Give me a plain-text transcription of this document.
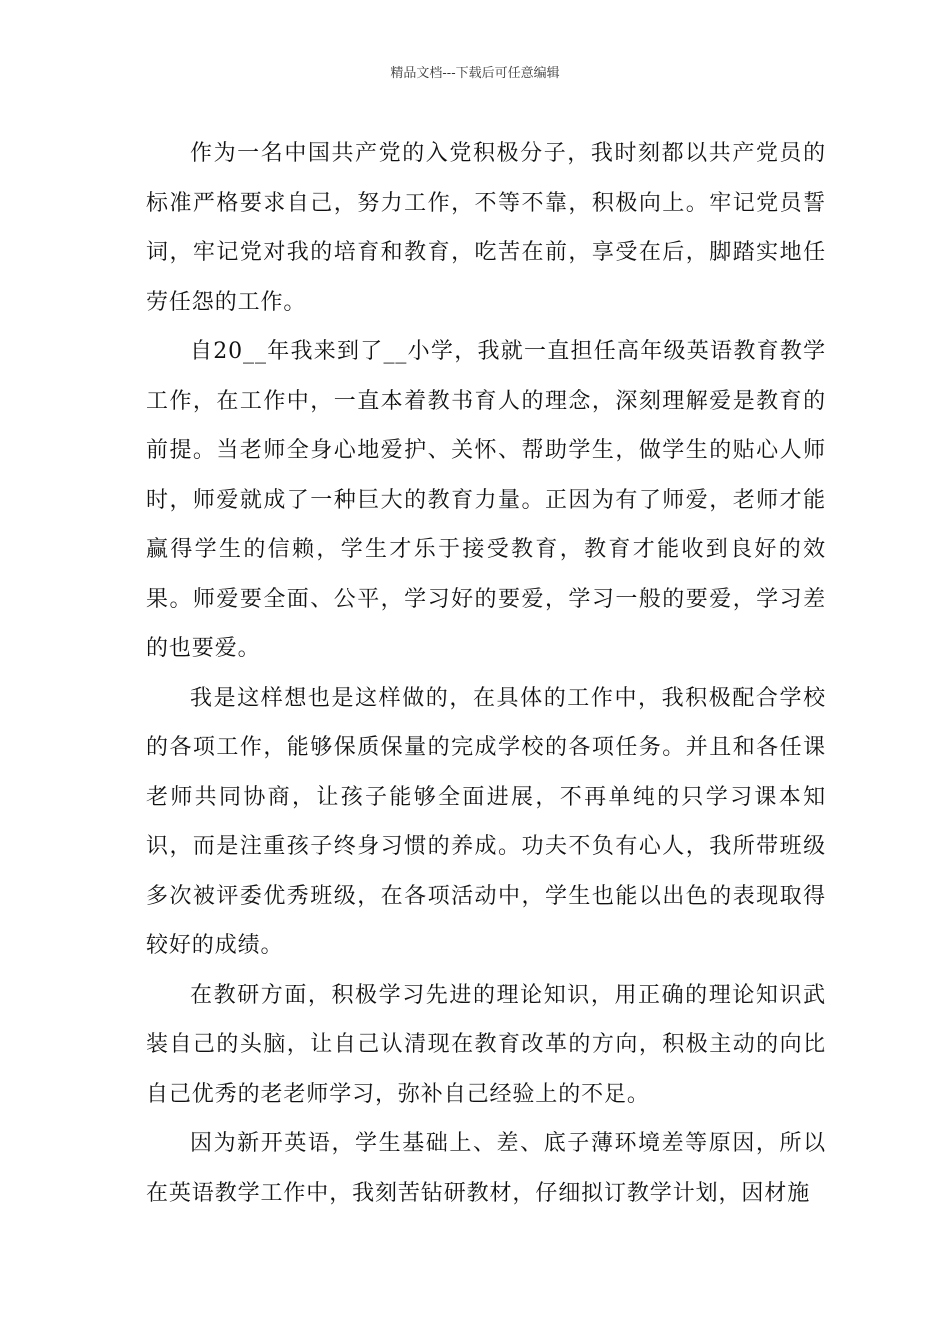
精品文档---下载后可任意编辑

作为一名中国共产党的入党积极分子，我时刻都以共产党员的标准严格要求自己，努力工作，不等不靠，积极向上。牢记党员誓词，牢记党对我的培育和教育，吃苦在前，享受在后，脚踏实地任劳任怨的工作。

自20__年我来到了__小学，我就一直担任高年级英语教育教学工作，在工作中，一直本着教书育人的理念，深刻理解爱是教育的前提。当老师全身心地爱护、关怀、帮助学生，做学生的贴心人师时，师爱就成了一种巨大的教育力量。正因为有了师爱，老师才能赢得学生的信赖，学生才乐于接受教育，教育才能收到良好的效果。师爱要全面、公平，学习好的要爱，学习一般的要爱，学习差的也要爱。

我是这样想也是这样做的，在具体的工作中，我积极配合学校的各项工作，能够保质保量的完成学校的各项任务。并且和各任课老师共同协商，让孩子能够全面进展，不再单纯的只学习课本知识，而是注重孩子终身习惯的养成。功夫不负有心人，我所带班级多次被评委优秀班级，在各项活动中，学生也能以出色的表现取得较好的成绩。

在教研方面，积极学习先进的理论知识，用正确的理论知识武装自己的头脑，让自己认清现在教育改革的方向，积极主动的向比自己优秀的老老师学习，弥补自己经验上的不足。

因为新开英语，学生基础上、差、底子薄环境差等原因，所以在英语教学工作中，我刻苦钻研教材，仔细拟订教学计划，因材施
